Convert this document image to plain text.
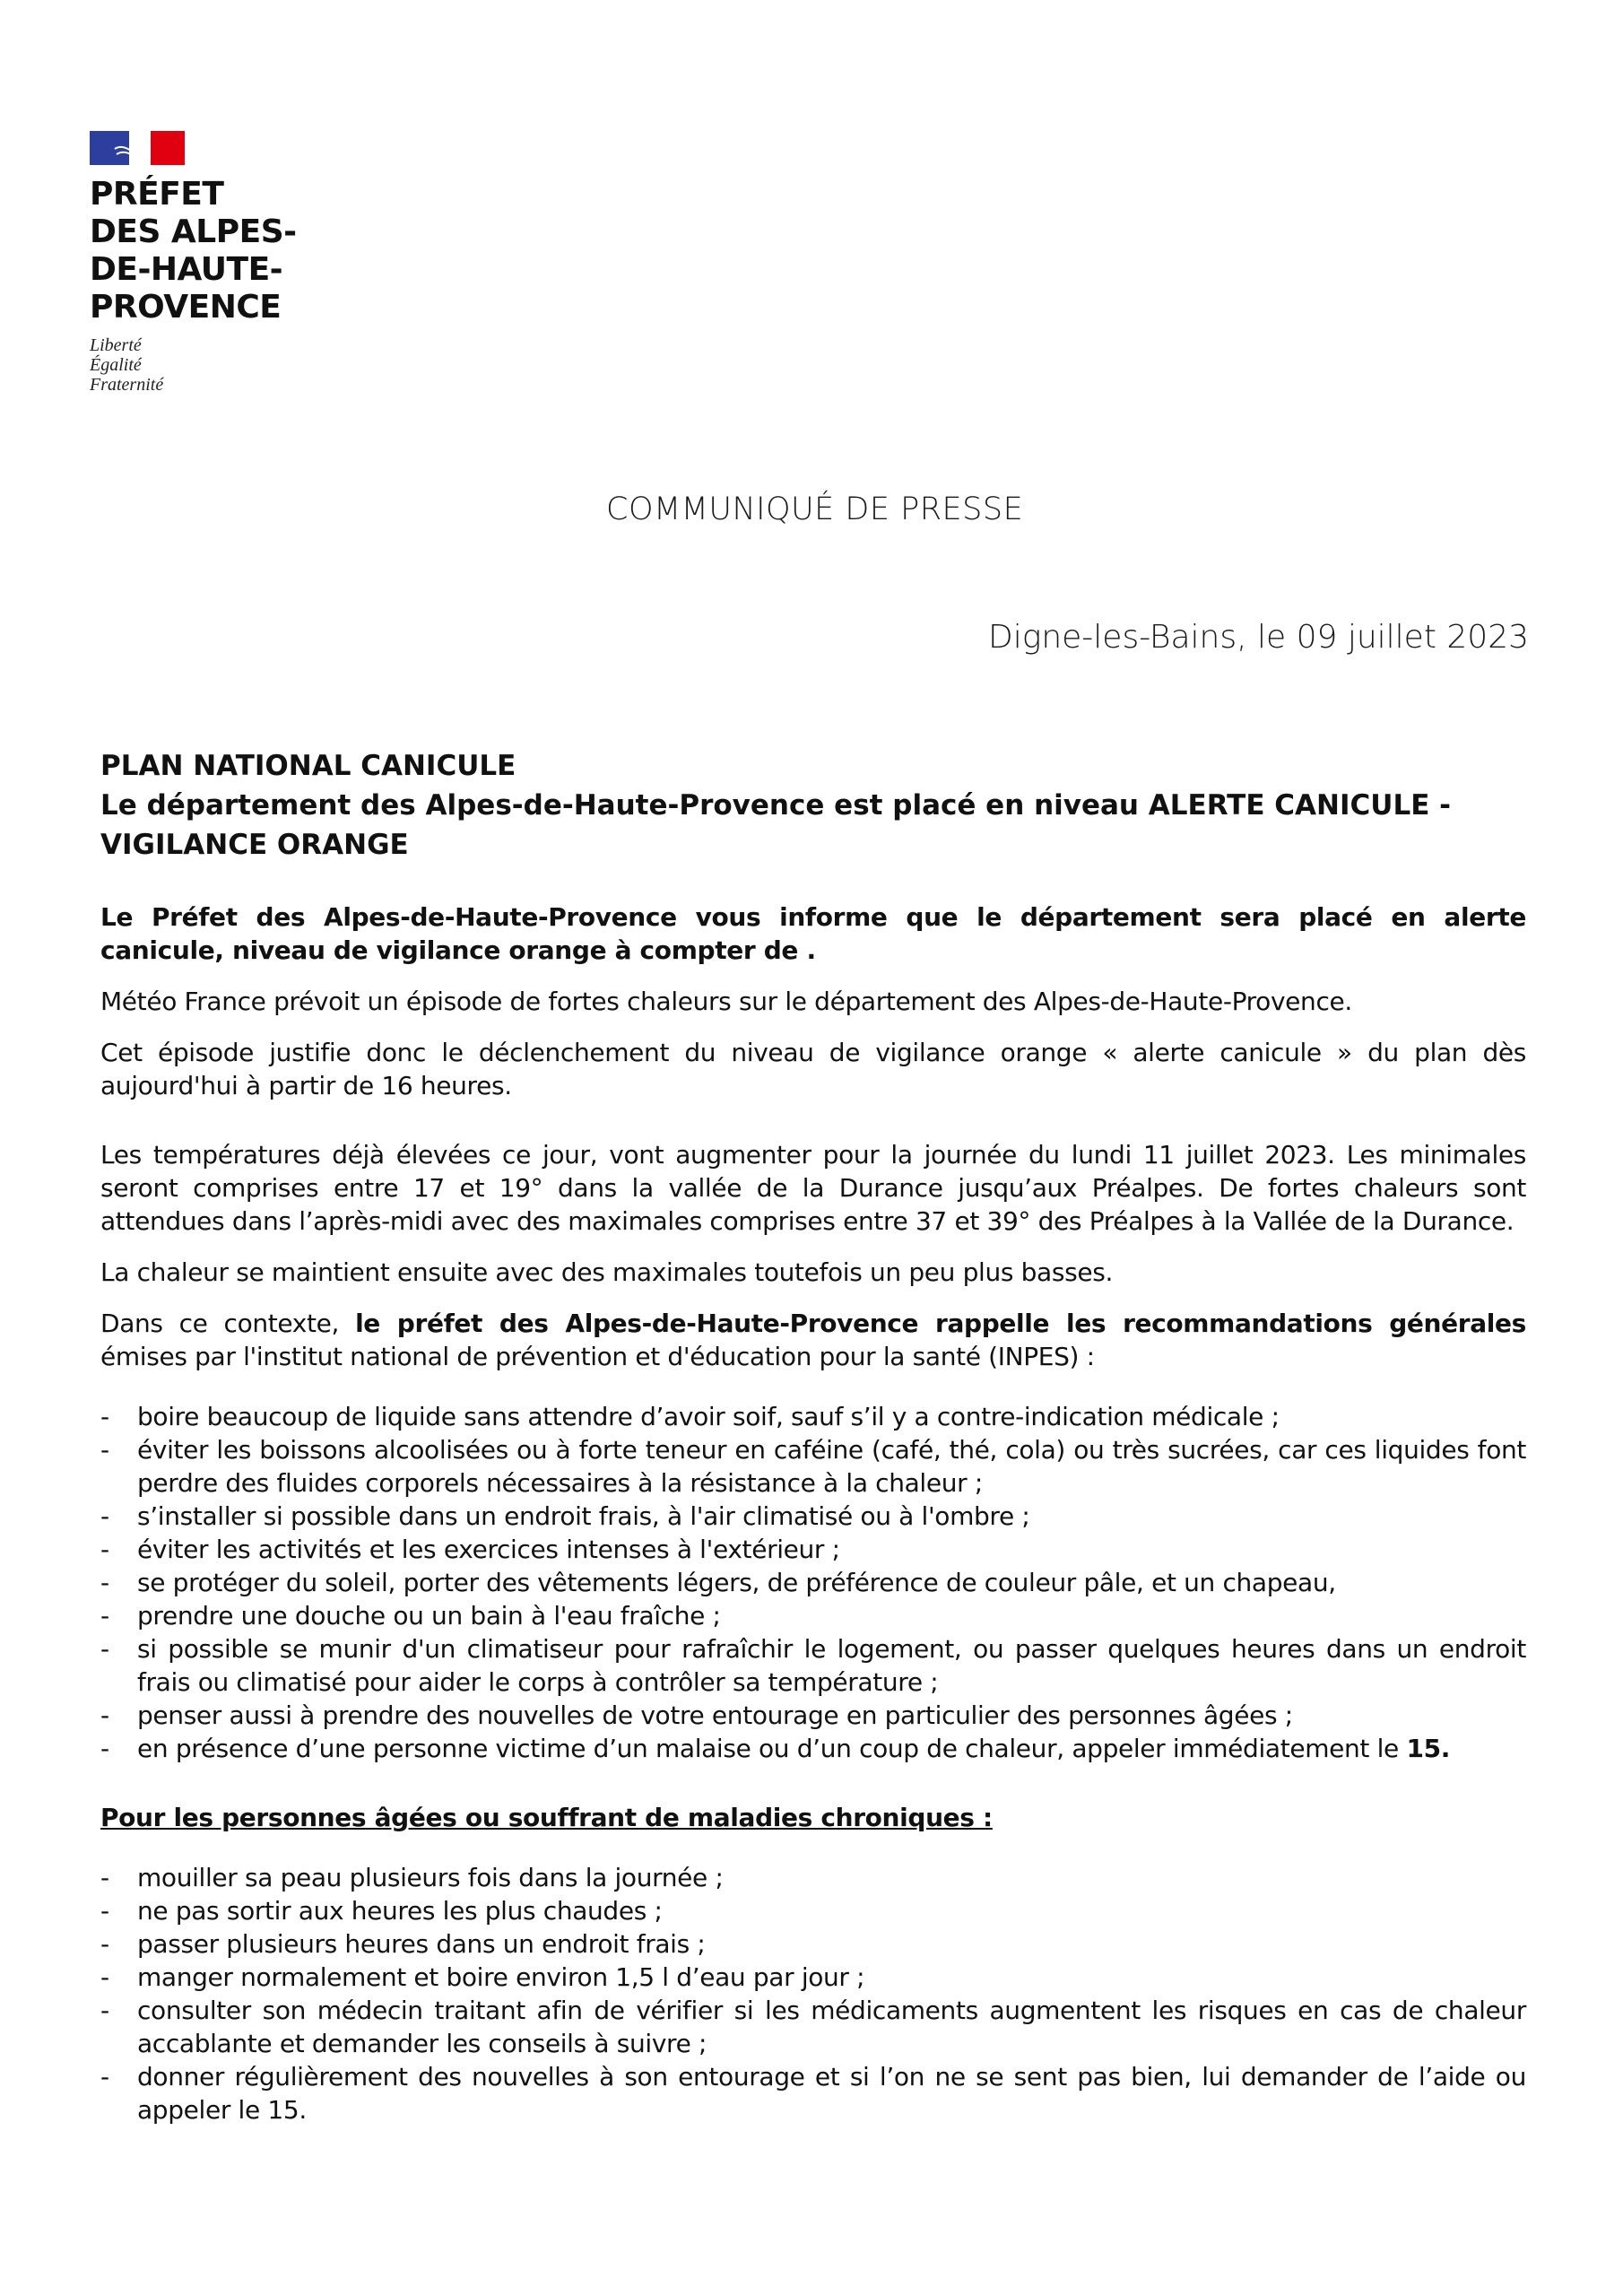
PRÉFET
DES ALPES-
DE-HAUTE-
PROVENCE
Liberté
Égalité
Fraternité
COMMUNIQUÉ DE PRESSE
Digne-les-Bains, le 09 juillet 2023
PLAN NATIONAL CANICULE
Le département des Alpes-de-Haute-Provence est placé en niveau ALERTE CANICULE -
VIGILANCE ORANGE

Le Préfet des Alpes-de-Haute-Provence vous informe que le département sera placé en alerte canicule, niveau de vigilance orange à compter de .

Météo France prévoit un épisode de fortes chaleurs sur le département des Alpes-de-Haute-Provence.

Cet épisode justifie donc le déclenchement du niveau de vigilance orange « alerte canicule » du plan dès aujourd'hui à partir de 16 heures.

Les températures déjà élevées ce jour, vont augmenter pour la journée du lundi 11 juillet 2023. Les minimales seront comprises entre 17 et 19° dans la vallée de la Durance jusqu’aux Préalpes. De fortes chaleurs sont attendues dans l’après-midi avec des maximales comprises entre 37 et 39° des Préalpes à la Vallée de la Durance.

La chaleur se maintient ensuite avec des maximales toutefois un peu plus basses.

Dans ce contexte, le préfet des Alpes-de-Haute-Provence rappelle les recommandations générales émises par l'institut national de prévention et d'éducation pour la santé (INPES) :

- boire beaucoup de liquide sans attendre d’avoir soif, sauf s’il y a contre-indication médicale ;
- éviter les boissons alcoolisées ou à forte teneur en caféine (café, thé, cola) ou très sucrées, car ces liquides font perdre des fluides corporels nécessaires à la résistance à la chaleur ;
- s’installer si possible dans un endroit frais, à l'air climatisé ou à l'ombre ;
- éviter les activités et les exercices intenses à l'extérieur ;
- se protéger du soleil, porter des vêtements légers, de préférence de couleur pâle, et un chapeau,
- prendre une douche ou un bain à l'eau fraîche ;
- si possible se munir d'un climatiseur pour rafraîchir le logement, ou passer quelques heures dans un endroit frais ou climatisé pour aider le corps à contrôler sa température ;
- penser aussi à prendre des nouvelles de votre entourage en particulier des personnes âgées ;
- en présence d’une personne victime d’un malaise ou d’un coup de chaleur, appeler immédiatement le 15.
Pour les personnes âgées ou souffrant de maladies chroniques :
- mouiller sa peau plusieurs fois dans la journée ;
- ne pas sortir aux heures les plus chaudes ;
- passer plusieurs heures dans un endroit frais ;
- manger normalement et boire environ 1,5 l d’eau par jour ;
- consulter son médecin traitant afin de vérifier si les médicaments augmentent les risques en cas de chaleur accablante et demander les conseils à suivre ;
- donner régulièrement des nouvelles à son entourage et si l’on ne se sent pas bien, lui demander de l’aide ou appeler le 15.
